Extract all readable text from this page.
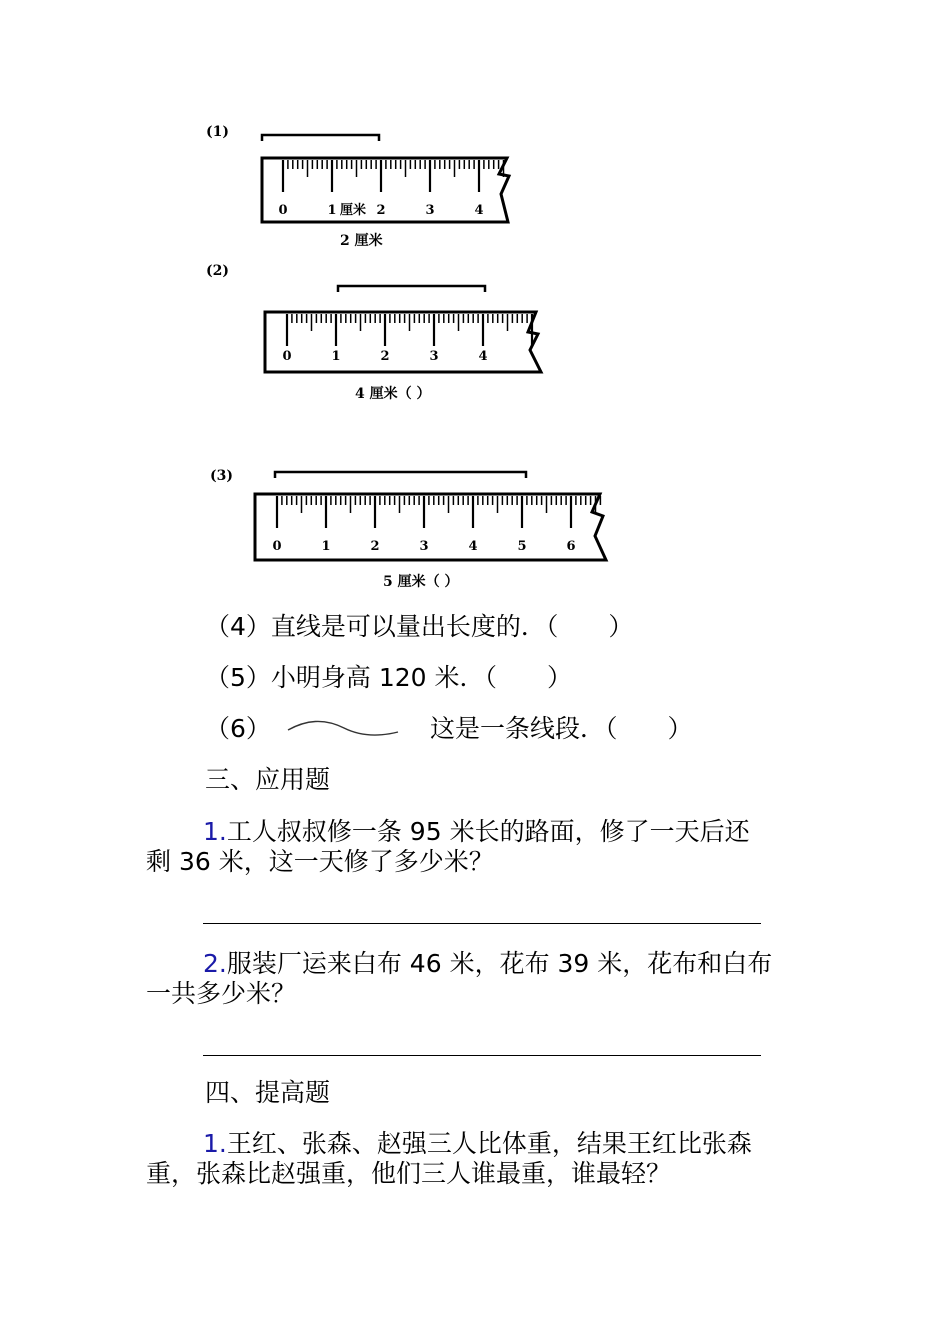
(1)
0	1	2	3	4
厘米
2 厘米
(2)
0	1	2	3	4
4 厘米（ ）
(3)
0	1	2	3	4	5	6
5 厘米（ ）
（4）直线是可以量出长度的．（　　）
（5）小明身高 120 米．（　　）
（6）	这是一条线段．（　　）
三、应用题
1.工人叔叔修一条 95 米长的路面，修了一天后还
剩 36 米，这一天修了多少米？
2.服装厂运来白布 46 米，花布 39 米，花布和白布
一共多少米？
四、提高题
1.王红、张森、赵强三人比体重，结果王红比张森
重，张森比赵强重，他们三人谁最重，谁最轻？
